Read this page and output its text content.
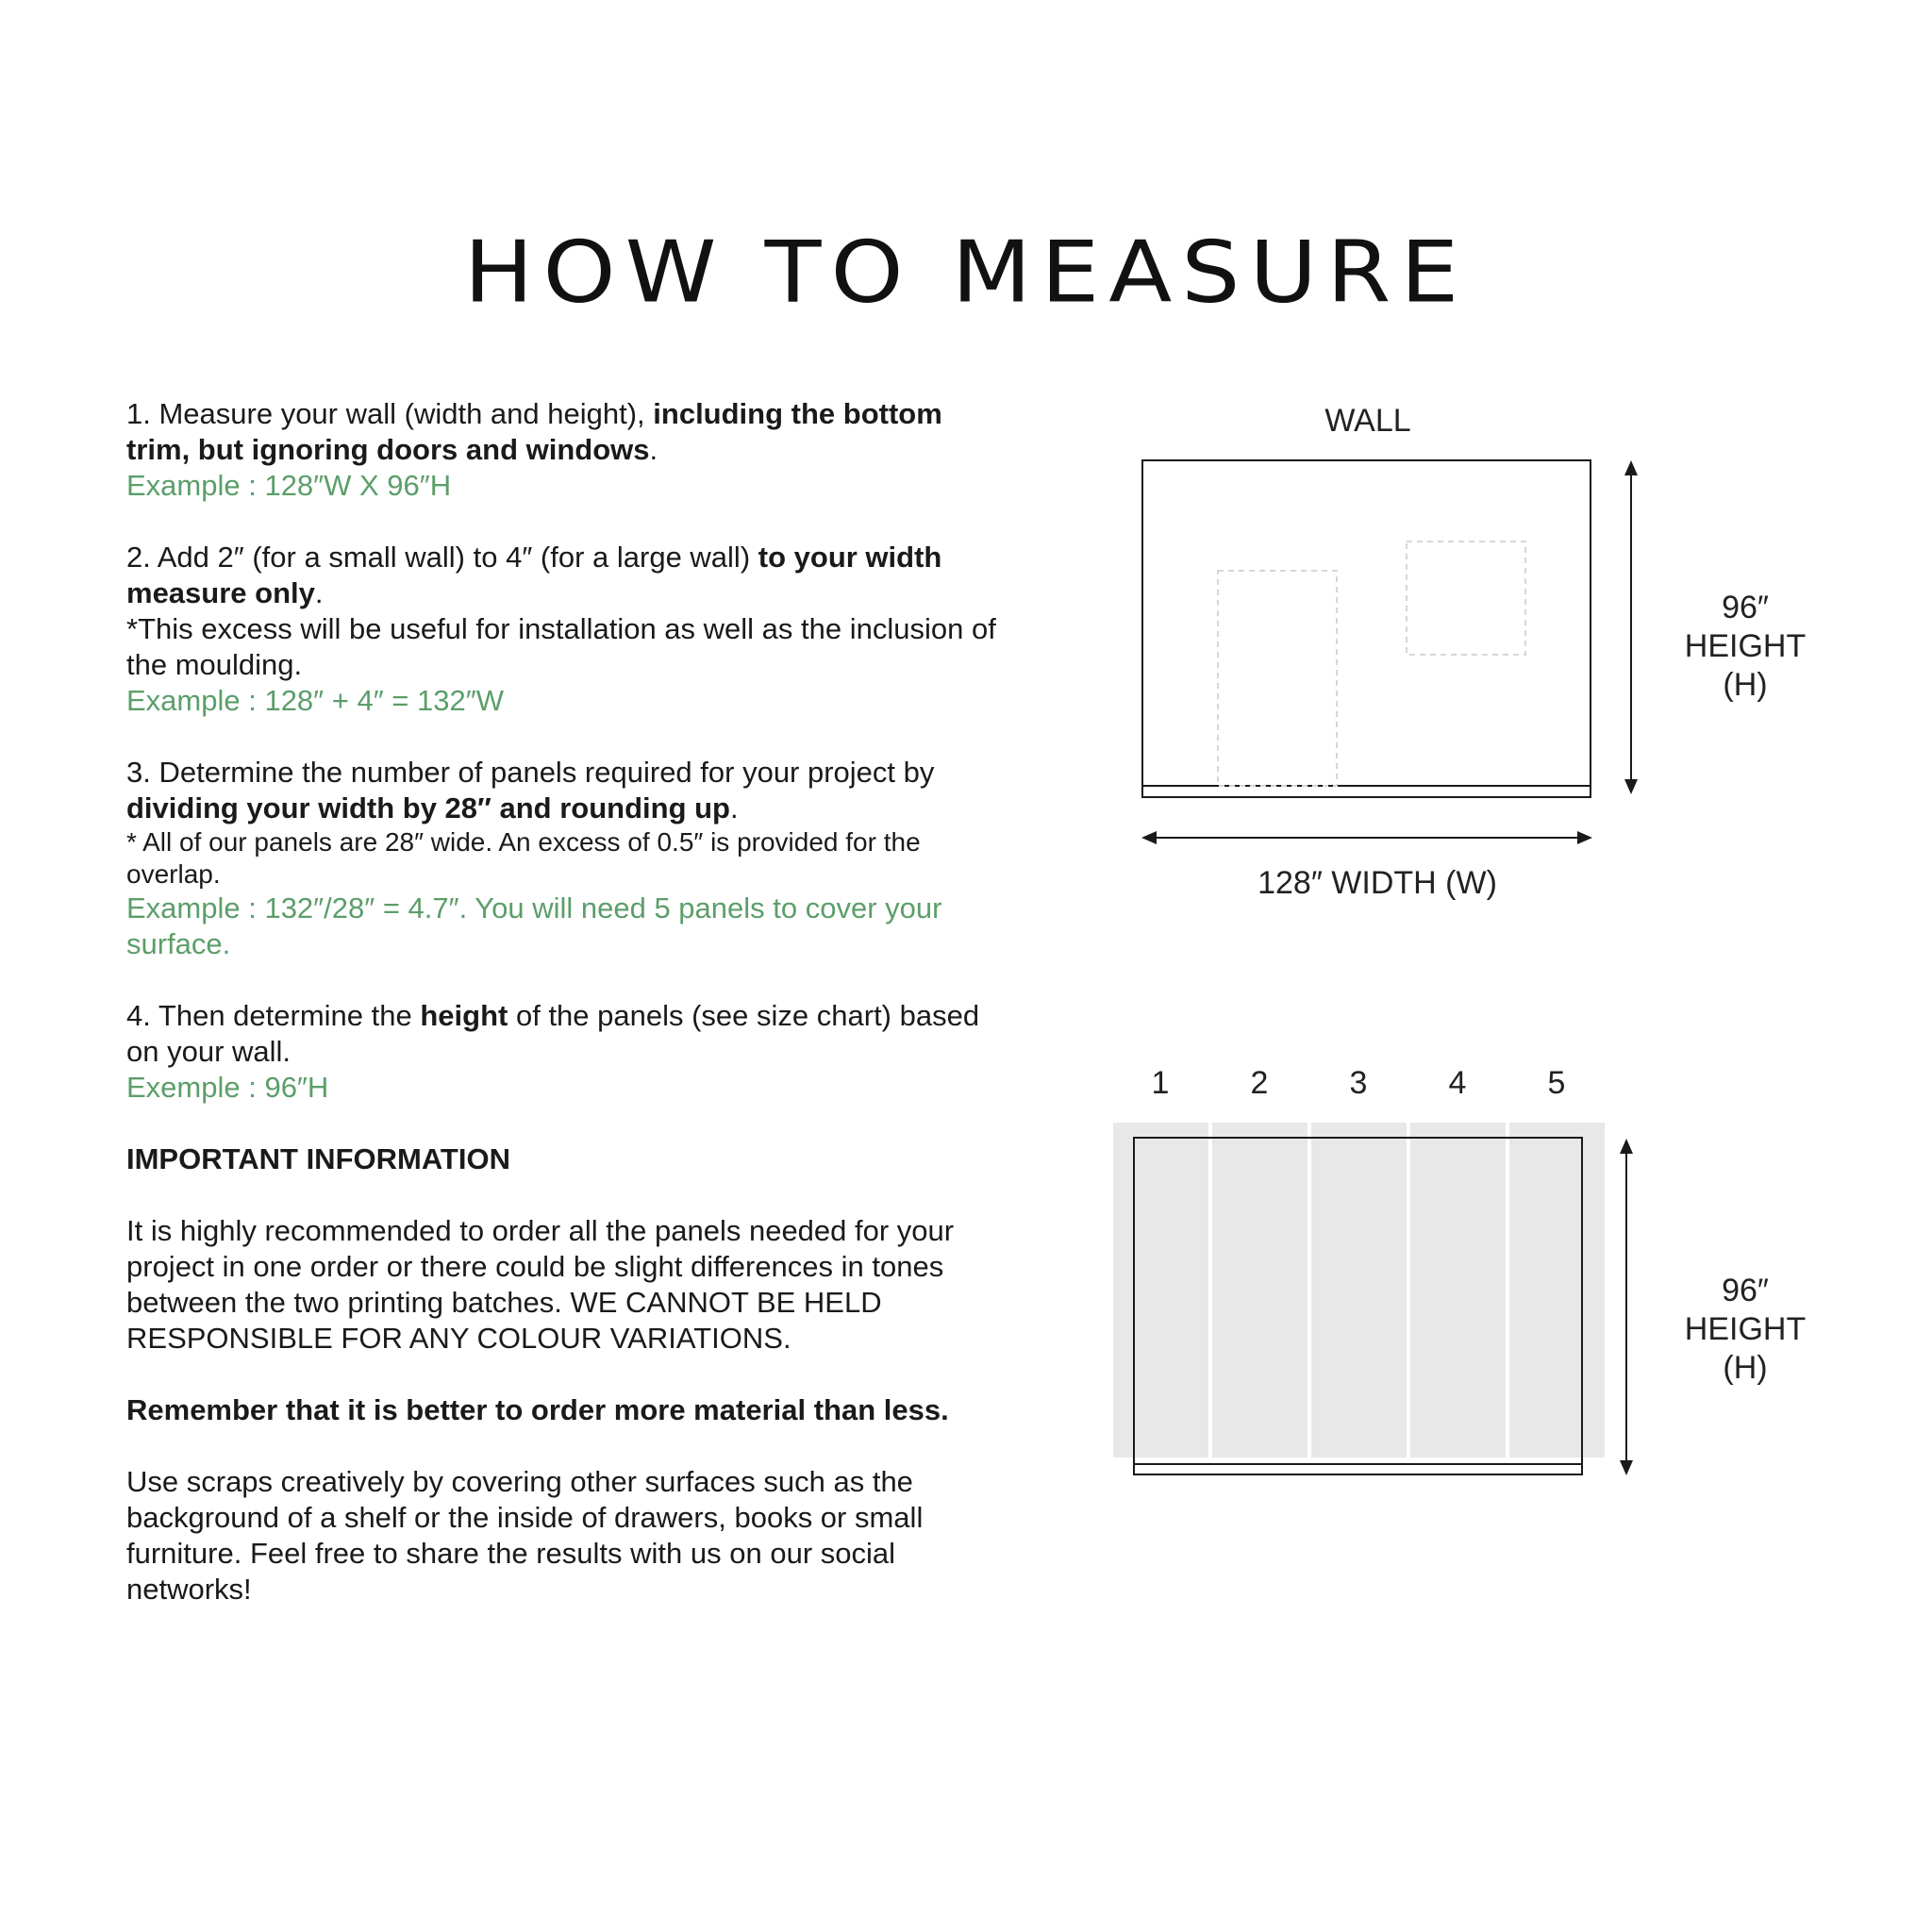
HOW TO MEASURE

1. Measure your wall (width and height), including the bottom trim, but ignoring doors and windows.

Example : 128″W X 96″H

2. Add 2″ (for a small wall) to 4″ (for a large wall) to your width measure only.

*This excess will be useful for installation as well as the inclusion of the moulding.

Example : 128″ + 4″ = 132″W

3. Determine the number of panels required for your project by dividing your width by 28″ and rounding up.

* All of our panels are 28″ wide. An excess of 0.5″ is provided for the overlap.

Example : 132″/28″ = 4.7″. You will need 5 panels to cover your surface.

4. Then determine the height of the panels (see size chart) based on your wall.

Exemple : 96″H

IMPORTANT INFORMATION

It is highly recommended to order all the panels needed for your project in one order or there could be slight differences in tones between the two printing batches. WE CANNOT BE HELD RESPONSIBLE FOR ANY COLOUR VARIATIONS.
Remember that it is better to order more material than less.
Use scraps creatively by covering other surfaces such as the background of a shelf or the inside of drawers, books or small furniture. Feel free to share the results with us on our social networks!
WALL
96″
HEIGHT
(H)
128″ WIDTH (W)
1	2	3	4	5
96″
HEIGHT
(H)
